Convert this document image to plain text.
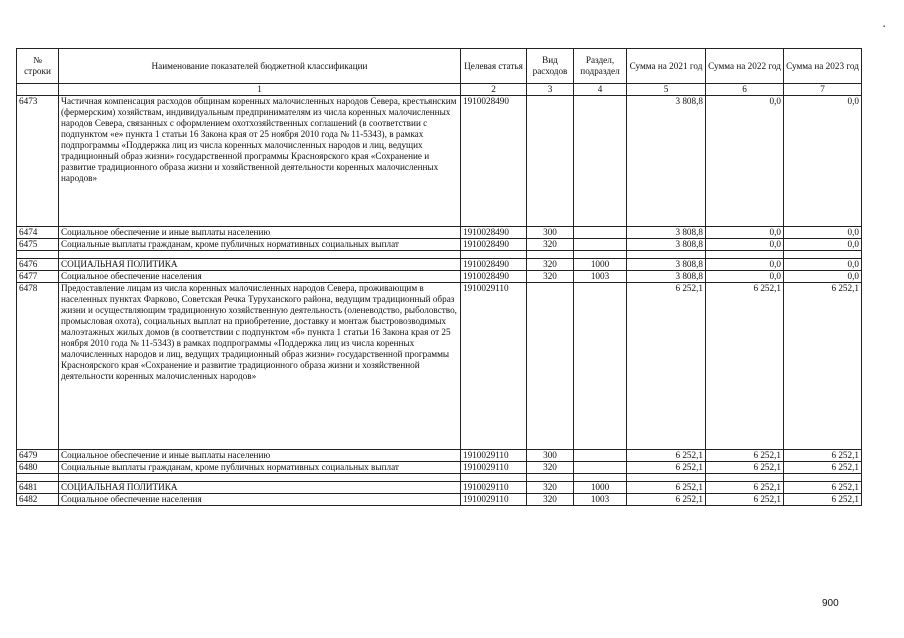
▪
№ строки	Наименование показателей бюджетной классификации	Целевая статья	Вид расходов	Раздел, подраздел	Сумма на 2021 год	Сумма на 2022 год	Сумма на 2023 год
	1	2	3	4	5	6	7
6473	Частичная компенсация расходов общинам коренных малочисленных народов Севера, крестьянским (фермерским) хозяйствам, индивидуальным предпринимателям из числа коренных малочисленных народов Севера, связанных с оформлением охотхозяйственных соглашений (в соответствии с подпунктом «е» пункта 1 статьи 16 Закона края от 25 ноября 2010 года № 11-5343), в рамках подпрограммы «Поддержка лиц из числа коренных малочисленных народов и лиц, ведущих традиционный образ жизни» государственной программы Красноярского края «Сохранение и развитие традиционного образа жизни и хозяйственной деятельности коренных малочисленных народов»	1910028490			3 808,8	0,0	0,0
6474	Социальное обеспечение и иные выплаты населению	1910028490	300		3 808,8	0,0	0,0
6475	Социальные выплаты гражданам, кроме публичных нормативных социальных выплат	1910028490	320		3 808,8	0,0	0,0

6476	СОЦИАЛЬНАЯ ПОЛИТИКА	1910028490	320	1000	3 808,8	0,0	0,0
6477	Социальное обеспечение населения	1910028490	320	1003	3 808,8	0,0	0,0
6478	Предоставление лицам из числа коренных малочисленных народов Севера, проживающим в населенных пунктах Фарково, Советская Речка Туруханского района, ведущим традиционный образ жизни и осуществляющим традиционную хозяйственную деятельность (оленеводство, рыболовство, промысловая охота), социальных выплат на приобретение, доставку и монтаж быстровозводимых малоэтажных жилых домов (в соответствии с подпунктом «б» пункта 1 статьи 16 Закона края от 25 ноября 2010 года № 11-5343) в рамках подпрограммы «Поддержка лиц из числа коренных малочисленных народов и лиц, ведущих традиционный образ жизни» государственной программы Красноярского края «Сохранение и развитие традиционного образа жизни и хозяйственной деятельности коренных малочисленных народов»	1910029110			6 252,1	6 252,1	6 252,1
6479	Социальное обеспечение и иные выплаты населению	1910029110	300		6 252,1	6 252,1	6 252,1
6480	Социальные выплаты гражданам, кроме публичных нормативных социальных выплат	1910029110	320		6 252,1	6 252,1	6 252,1

6481	СОЦИАЛЬНАЯ ПОЛИТИКА	1910029110	320	1000	6 252,1	6 252,1	6 252,1
6482	Социальное обеспечение населения	1910029110	320	1003	6 252,1	6 252,1	6 252,1
900
